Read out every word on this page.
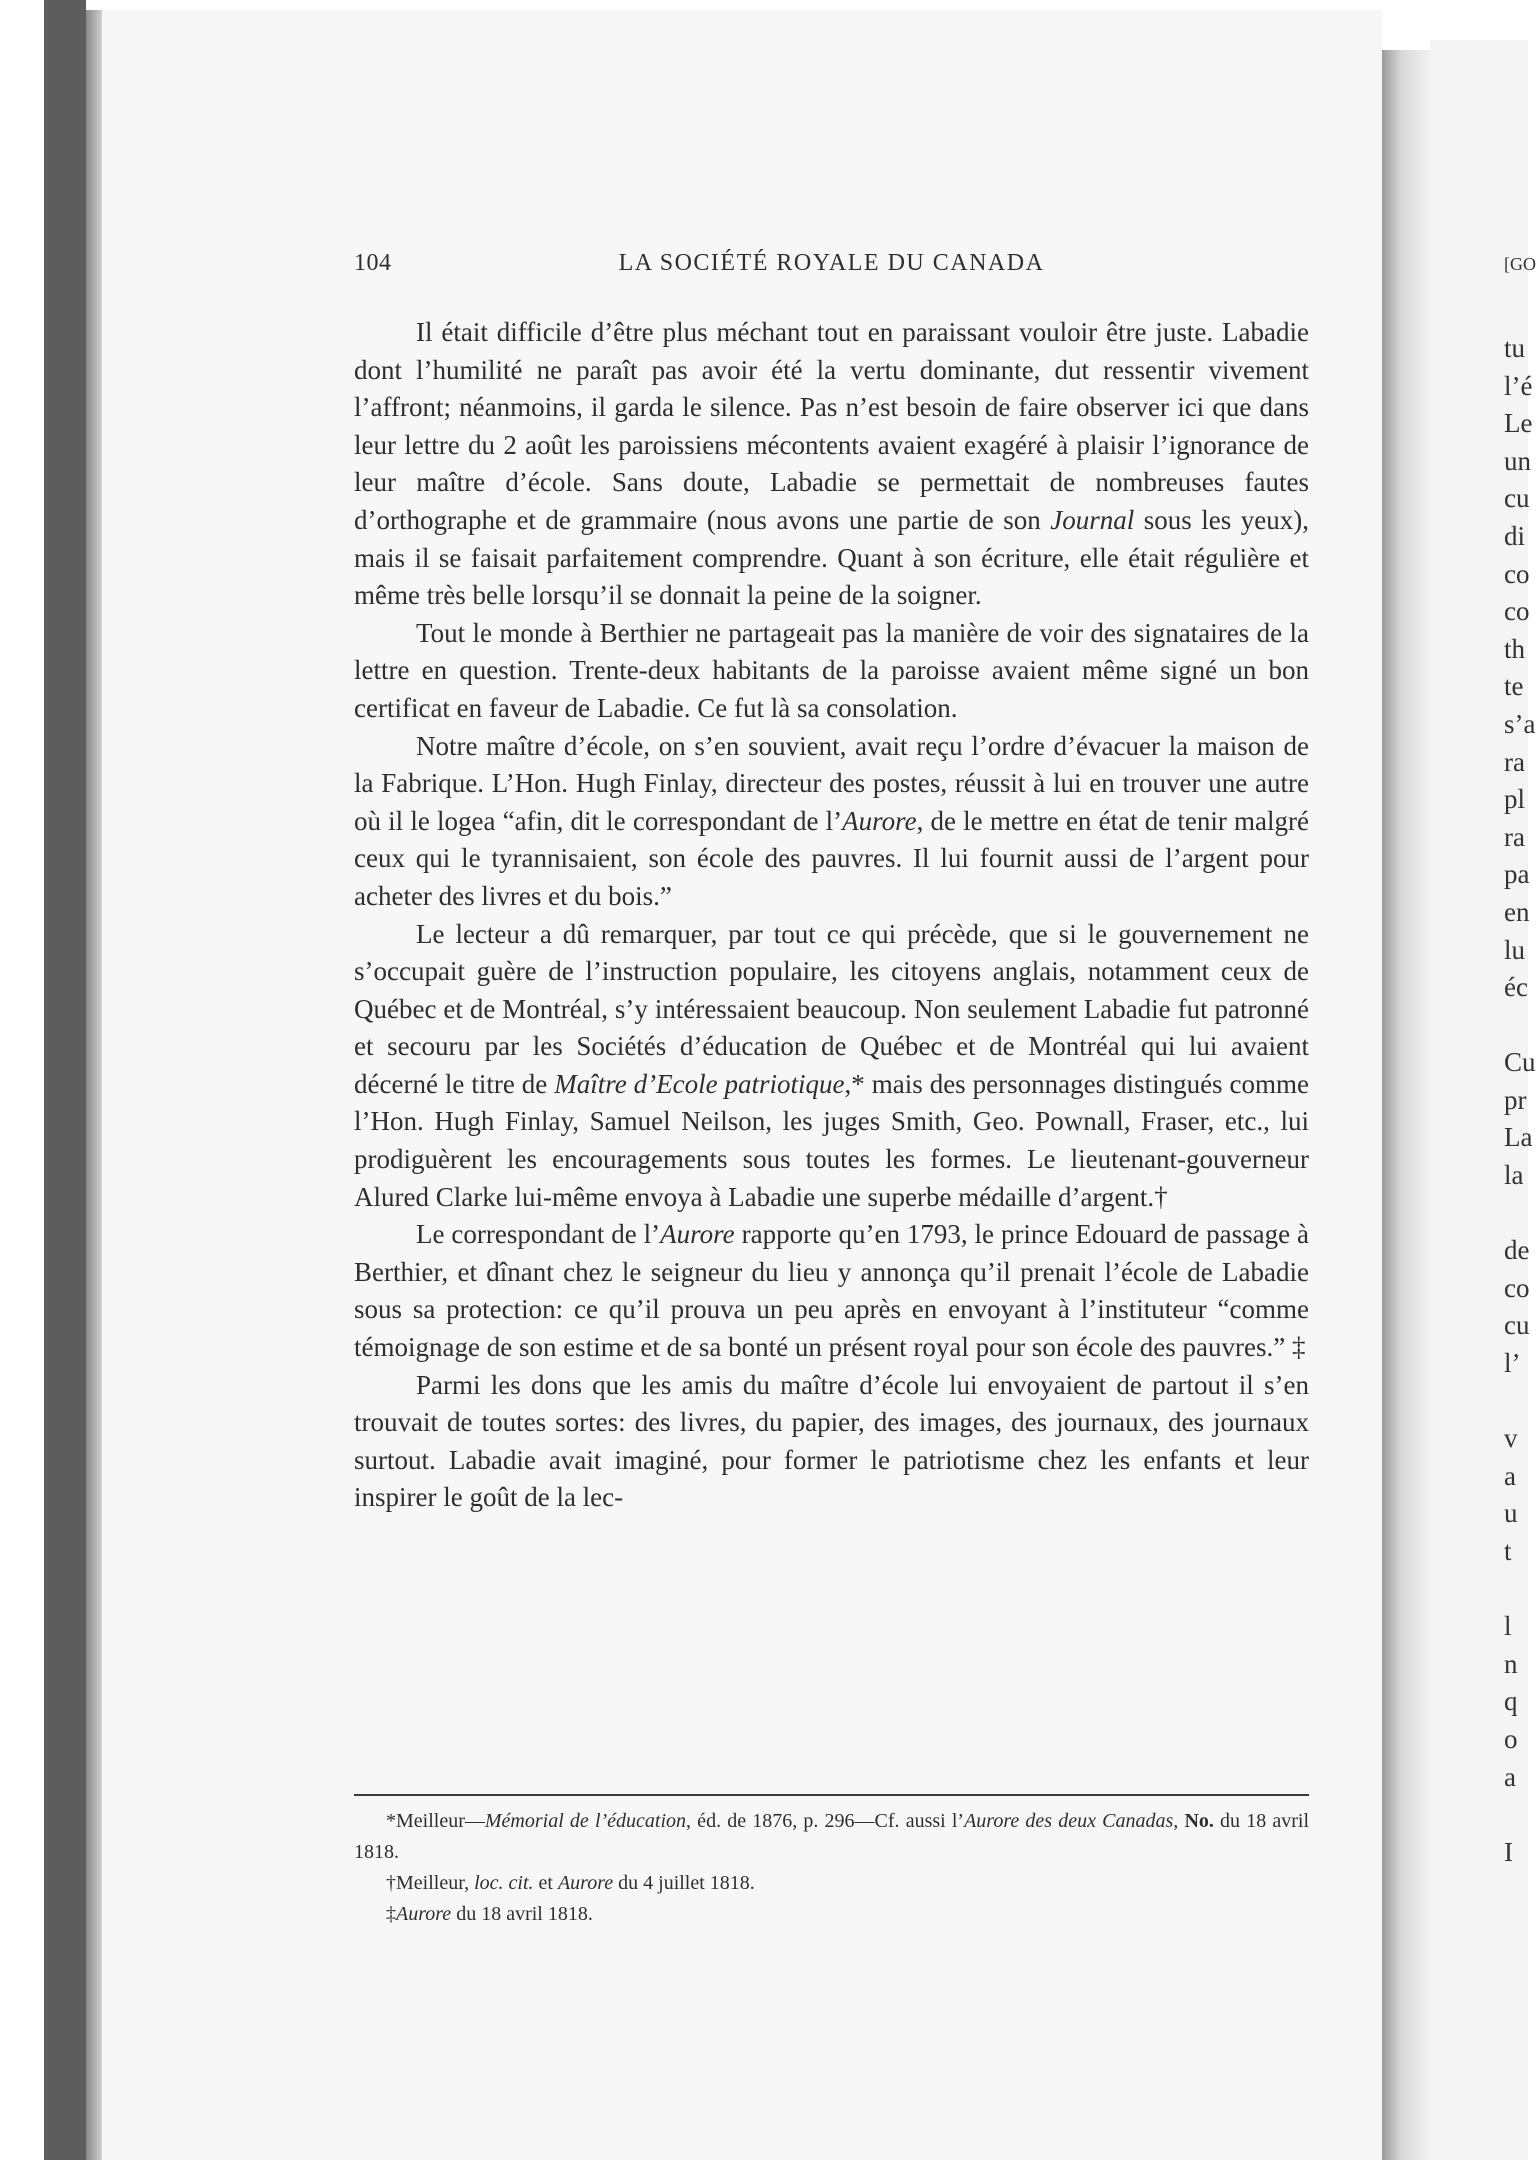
104	LA SOCIÉTÉ ROYALE DU CANADA

Il était difficile d’être plus méchant tout en paraissant vouloir être juste. Labadie dont l’humilité ne paraît pas avoir été la vertu dominante, dut ressentir vivement l’affront; néanmoins, il garda le silence. Pas n’est besoin de faire observer ici que dans leur lettre du 2 août les paroissiens mécontents avaient exagéré à plaisir l’ignorance de leur maître d’école. Sans doute, Labadie se permettait de nombreuses fautes d’orthographe et de grammaire (nous avons une partie de son Journal sous les yeux), mais il se faisait parfaitement comprendre. Quant à son écriture, elle était régulière et même très belle lorsqu’il se donnait la peine de la soigner.

Tout le monde à Berthier ne partageait pas la manière de voir des signataires de la lettre en question. Trente-deux habitants de la paroisse avaient même signé un bon certificat en faveur de Labadie. Ce fut là sa consolation.

Notre maître d’école, on s’en souvient, avait reçu l’ordre d’évacuer la maison de la Fabrique. L’Hon. Hugh Finlay, directeur des postes, réussit à lui en trouver une autre où il le logea “afin, dit le correspondant de l’Aurore, de le mettre en état de tenir malgré ceux qui le tyrannisaient, son école des pauvres. Il lui fournit aussi de l’argent pour acheter des livres et du bois.”

Le lecteur a dû remarquer, par tout ce qui précède, que si le gouvernement ne s’occupait guère de l’instruction populaire, les citoyens anglais, notamment ceux de Québec et de Montréal, s’y intéressaient beaucoup. Non seulement Labadie fut patronné et secouru par les Sociétés d’éducation de Québec et de Montréal qui lui avaient décerné le titre de Maître d’Ecole patriotique,* mais des personnages distingués comme l’Hon. Hugh Finlay, Samuel Neilson, les juges Smith, Geo. Pownall, Fraser, etc., lui prodiguèrent les encouragements sous toutes les formes. Le lieutenant-gouverneur Alured Clarke lui-même envoya à Labadie une superbe médaille d’argent.†

Le correspondant de l’Aurore rapporte qu’en 1793, le prince Edouard de passage à Berthier, et dînant chez le seigneur du lieu y annonça qu’il prenait l’école de Labadie sous sa protection: ce qu’il prouva un peu après en envoyant à l’instituteur “comme témoignage de son estime et de sa bonté un présent royal pour son école des pauvres.” ‡

Parmi les dons que les amis du maître d’école lui envoyaient de partout il s’en trouvait de toutes sortes: des livres, du papier, des images, des journaux, des journaux surtout. Labadie avait imaginé, pour former le patriotisme chez les enfants et leur inspirer le goût de la lec-

*Meilleur—Mémorial de l’éducation, éd. de 1876, p. 296—Cf. aussi l’Aurore des deux Canadas, No. du 18 avril 1818.

†Meilleur, loc. cit. et Aurore du 4 juillet 1818.

‡Aurore du 18 avril 1818.

[GO
tu
l’é
Le
un
cu
di
co
co
th
te
s’a
ra
pl
ra
pa
en
lu
éc
Cu
pr
La
la
de
co
cu
l’
v
a
u
t
l
n
q
o
a
I
